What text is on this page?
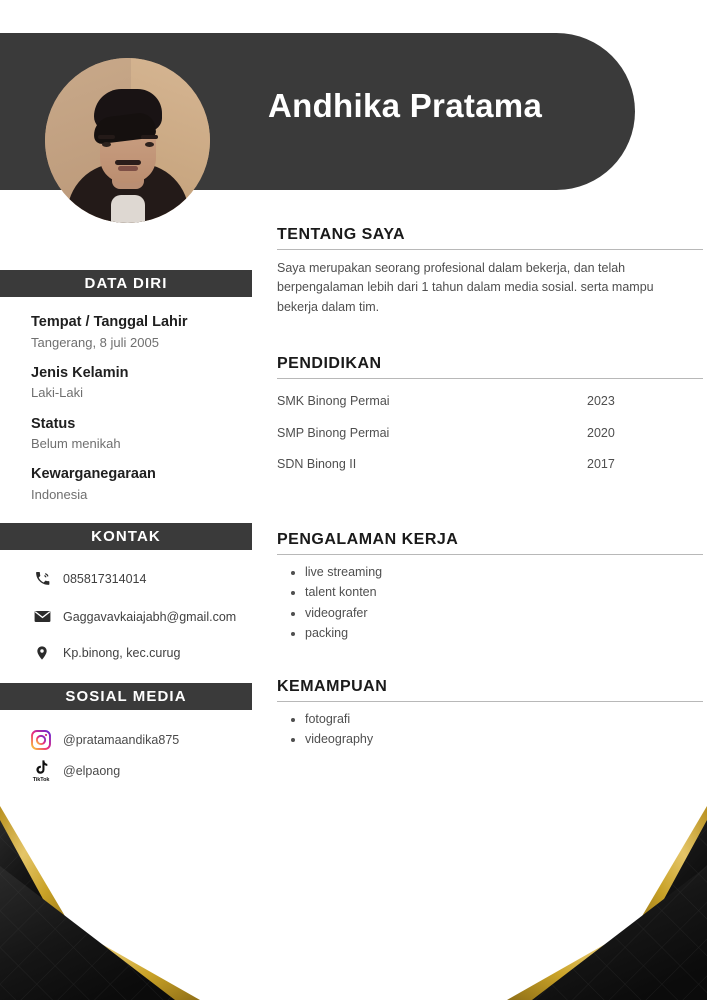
Andhika Pratama
DATA DIRI
Tempat / Tanggal Lahir
Tangerang, 8 juli 2005
Jenis Kelamin
Laki-Laki
Status
Belum menikah
Kewarganegaraan
Indonesia
KONTAK
085817314014
Gaggavavkaiajabh@gmail.com
Kp.binong, kec.curug
SOSIAL MEDIA
@pratamaandika875
TikTok
@elpaong
TENTANG SAYA
Saya merupakan seorang profesional dalam bekerja, dan telah berpengalaman lebih dari 1 tahun dalam media sosial. serta mampu bekerja dalam tim.
PENDIDIKAN
SMK Binong Permai	2023
SMP Binong Permai	2020
SDN Binong II	2017
PENGALAMAN KERJA
• live streaming
• talent konten
• videografer
• packing
KEMAMPUAN
• fotografi
• videography
